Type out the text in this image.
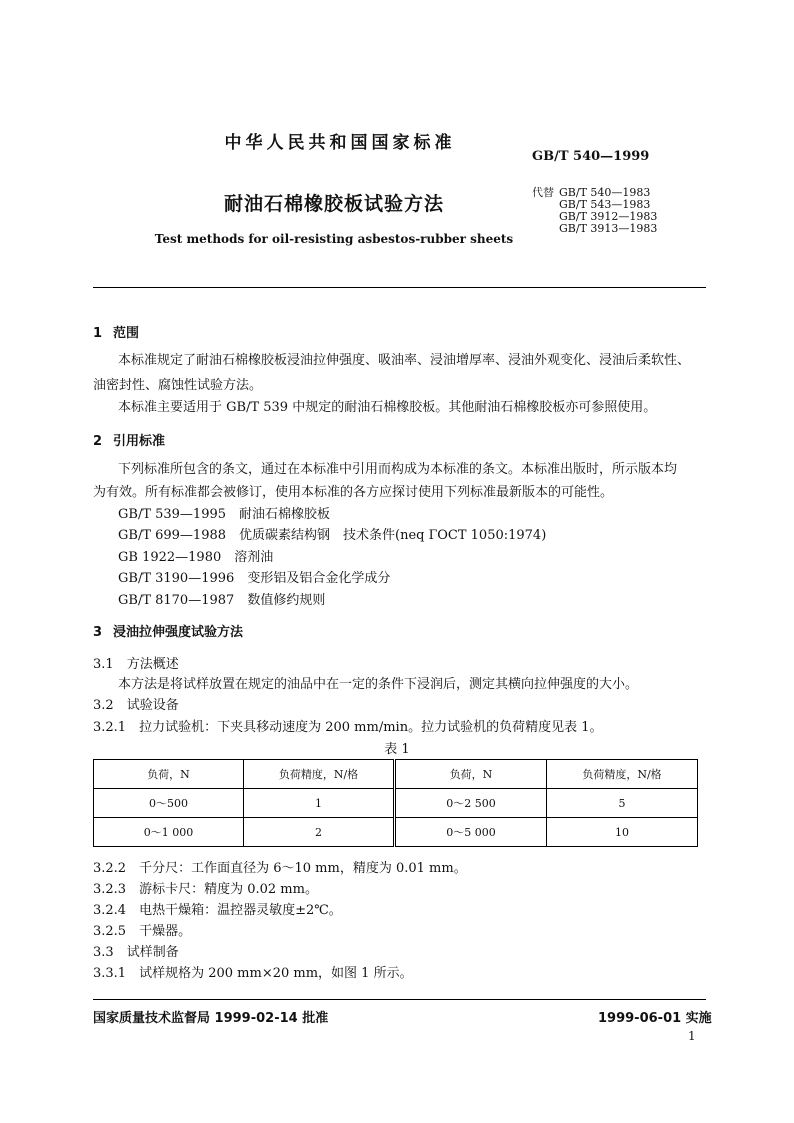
中华人民共和国国家标准
GB/T 540—1999
耐油石棉橡胶板试验方法
Test methods for oil-resisting asbestos-rubber sheets
代替 GB/T 540—1983
GB/T 543—1983
GB/T 3912—1983
GB/T 3913—1983
1 范围
本标准规定了耐油石棉橡胶板浸油拉伸强度、吸油率、浸油增厚率、浸油外观变化、浸油后柔软性、
油密封性、腐蚀性试验方法。
本标准主要适用于 GB/T 539 中规定的耐油石棉橡胶板。其他耐油石棉橡胶板亦可参照使用。
2 引用标准
下列标准所包含的条文，通过在本标准中引用而构成为本标准的条文。本标准出版时，所示版本均
为有效。所有标准都会被修订，使用本标准的各方应探讨使用下列标准最新版本的可能性。
GB/T 539—1995　 耐油石棉橡胶板
GB/T 699—1988　 优质碳素结构钢　技术条件(neq ГОСТ 1050:1974)
GB 1922—1980　 溶剂油
GB/T 3190—1996　 变形铝及铝合金化学成分
GB/T 8170—1987　 数值修约规则
3 浸油拉伸强度试验方法
3.1　 方法概述
本方法是将试样放置在规定的油品中在一定的条件下浸润后，测定其横向拉伸强度的大小。
3.2　 试验设备
3.2.1　 拉力试验机：下夹具移动速度为 200 mm/min。拉力试验机的负荷精度见表 1。
表 1
负荷，N	负荷精度，N/格	负荷，N	负荷精度，N/格
0～500	1	0～2 500	5
0～1 000	2	0～5 000	10
3.2.2　 千分尺：工作面直径为 6～10 mm，精度为 0.01 mm。
3.2.3　 游标卡尺：精度为 0.02 mm。
3.2.4　 电热干燥箱：温控器灵敏度±2℃。
3.2.5　 干燥器。
3.3　 试样制备
3.3.1　 试样规格为 200 mm×20 mm，如图 1 所示。
国家质量技术监督局 1999-02-14 批准	1999-06-01 实施
1
